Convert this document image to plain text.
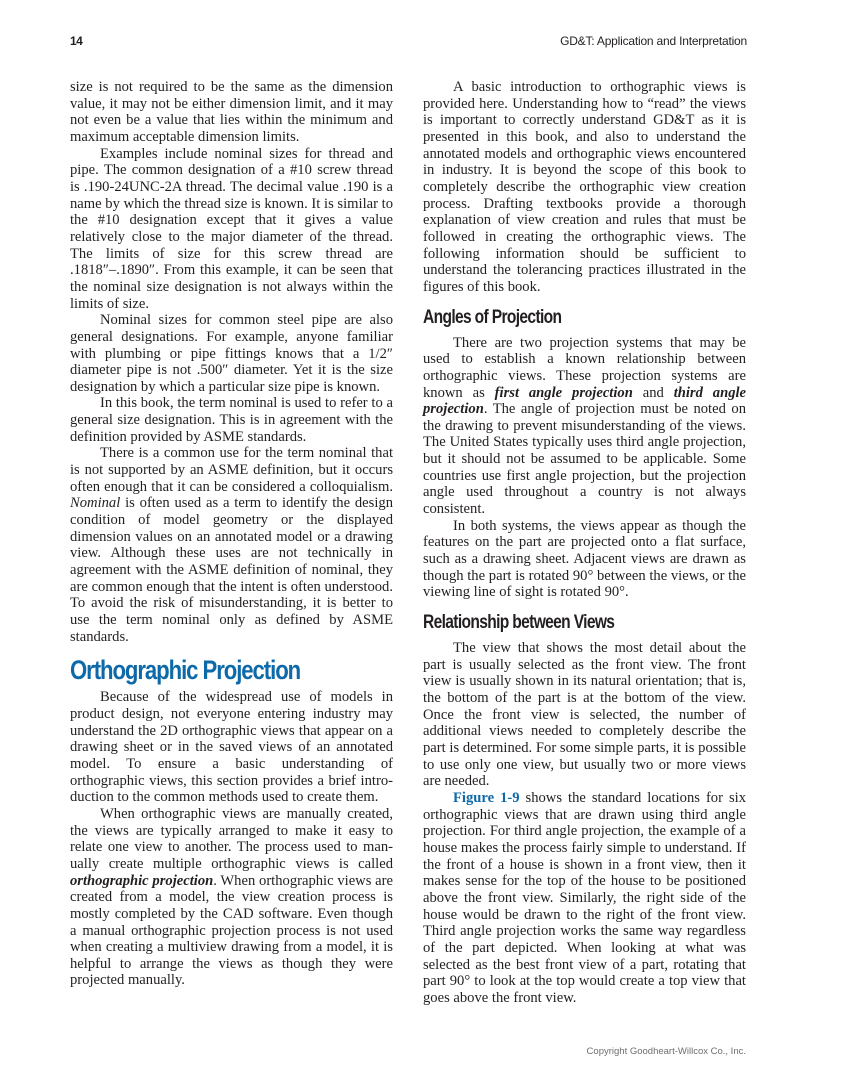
14	GD&T: Application and Interpretation

size is not required to be the same as the dimension value, it may not be either dimension limit, and it may not even be a value that lies within the minimum and maximum acceptable dimension limits.

Examples include nominal sizes for thread and pipe. The common designation of a #10 screw thread is .190-24UNC-2A thread. The decimal value .190 is a name by which the thread size is known. It is similar to the #10 designation except that it gives a value relatively close to the major diameter of the thread. The limits of size for this screw thread are .1818″–.1890″. From this example, it can be seen that the nominal size designation is not always within the limits of size.

Nominal sizes for common steel pipe are also general designations. For example, anyone familiar with plumbing or pipe fittings knows that a 1/2″ diameter pipe is not .500″ diameter. Yet it is the size designation by which a particular size pipe is known.

In this book, the term nominal is used to refer to a general size designation. This is in agreement with the definition provided by ASME standards.

There is a common use for the term nominal that is not supported by an ASME definition, but it occurs often enough that it can be considered a colloquialism. Nominal is often used as a term to identify the design condition of model geometry or the displayed dimension values on an annotated model or a drawing view. Although these uses are not technically in agreement with the ASME definition of nominal, they are common enough that the intent is often understood. To avoid the risk of misunderstanding, it is better to use the term nominal only as defined by ASME standards.

Orthographic Projection

Because of the widespread use of models in product design, not everyone entering industry may understand the 2D orthographic views that appear on a drawing sheet or in the saved views of an annotated model. To ensure a basic understanding of orthographic views, this section provides a brief introduction to the common methods used to create them.

When orthographic views are manually created, the views are typically arranged to make it easy to relate one view to another. The process used to manually create multiple orthographic views is called orthographic projection. When orthographic views are created from a model, the view creation process is mostly completed by the CAD software. Even though a manual orthographic projection process is not used when creating a multiview drawing from a model, it is helpful to arrange the views as though they were projected manually.

A basic introduction to orthographic views is provided here. Understanding how to “read” the views is important to correctly understand GD&T as it is presented in this book, and also to understand the annotated models and orthographic views encountered in industry. It is beyond the scope of this book to completely describe the orthographic view creation process. Drafting textbooks provide a thorough explanation of view creation and rules that must be followed in creating the orthographic views. The following information should be sufficient to understand the tolerancing practices illustrated in the figures of this book.

Angles of Projection

There are two projection systems that may be used to establish a known relationship between orthographic views. These projection systems are known as first angle projection and third angle projection. The angle of projection must be noted on the drawing to prevent misunderstanding of the views. The United States typically uses third angle projection, but it should not be assumed to be applicable. Some countries use first angle projection, but the projection angle used throughout a country is not always consistent.

In both systems, the views appear as though the features on the part are projected onto a flat surface, such as a drawing sheet. Adjacent views are drawn as though the part is rotated 90° between the views, or the viewing line of sight is rotated 90°.

Relationship between Views

The view that shows the most detail about the part is usually selected as the front view. The front view is usually shown in its natural orientation; that is, the bottom of the part is at the bottom of the view. Once the front view is selected, the number of additional views needed to completely describe the part is determined. For some simple parts, it is possible to use only one view, but usually two or more views are needed.

Figure 1-9 shows the standard locations for six orthographic views that are drawn using third angle projection. For third angle projection, the example of a house makes the process fairly simple to understand. If the front of a house is shown in a front view, then it makes sense for the top of the house to be positioned above the front view. Similarly, the right side of the house would be drawn to the right of the front view. Third angle projection works the same way regardless of the part depicted. When looking at what was selected as the best front view of a part, rotating that part 90° to look at the top would create a top view that goes above the front view.

Copyright Goodheart-Willcox Co., Inc.
